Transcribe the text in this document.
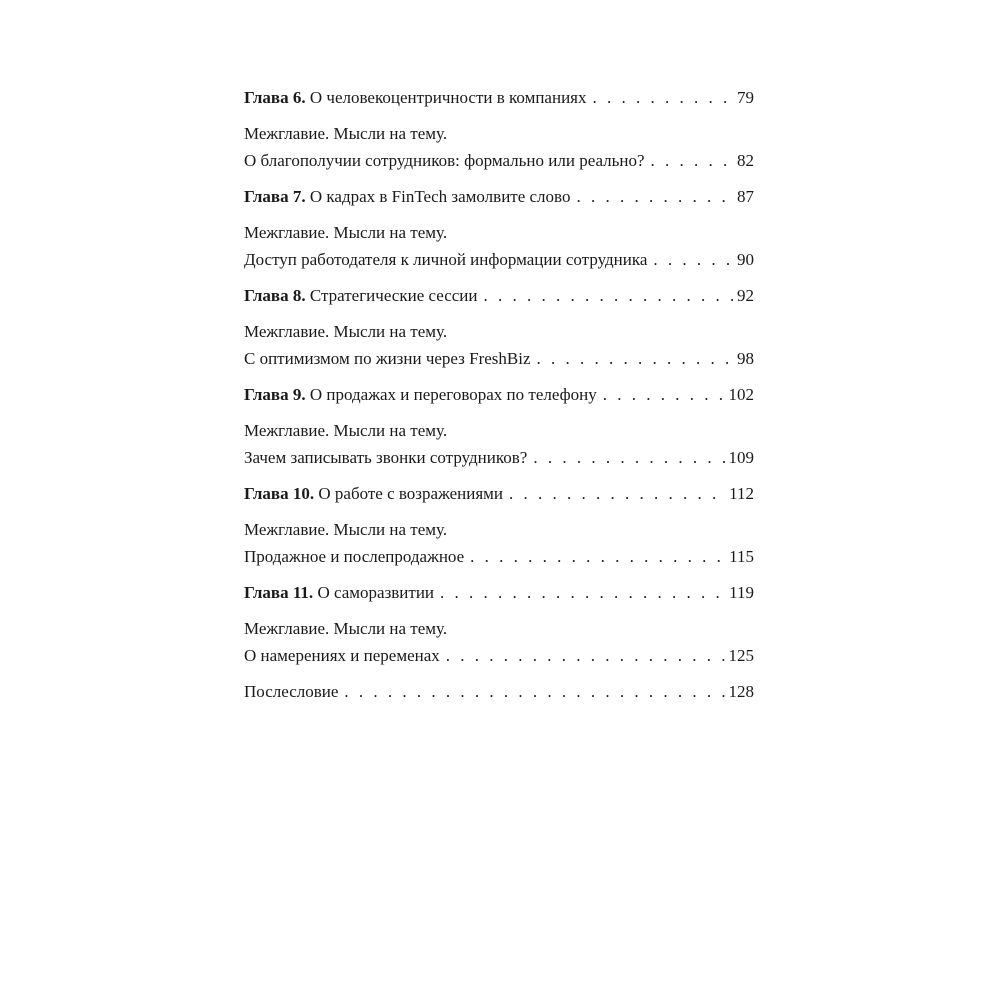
Глава 6. О человекоцентричности в компаниях . . .	79
Межглавие. Мысли на тему.
О благополучии сотрудников: формально или реально? . . .	82
Глава 7. О кадрах в FinTech замолвите слово . . .	87
Межглавие. Мысли на тему.
Доступ работодателя к личной информации сотрудника . . .	90
Глава 8. Стратегические сессии . . .	92
Межглавие. Мысли на тему.
С оптимизмом по жизни через FreshBiz . . .	98
Глава 9. О продажах и переговорах по телефону . . .	102
Межглавие. Мысли на тему.
Зачем записывать звонки сотрудников? . . .	109
Глава 10. О работе с возражениями . . .	112
Межглавие. Мысли на тему.
Продажное и послепродажное . . .	115
Глава 11. О саморазвитии . . .	119
Межглавие. Мысли на тему.
О намерениях и переменах . . .	125
Послесловие . . .	128
